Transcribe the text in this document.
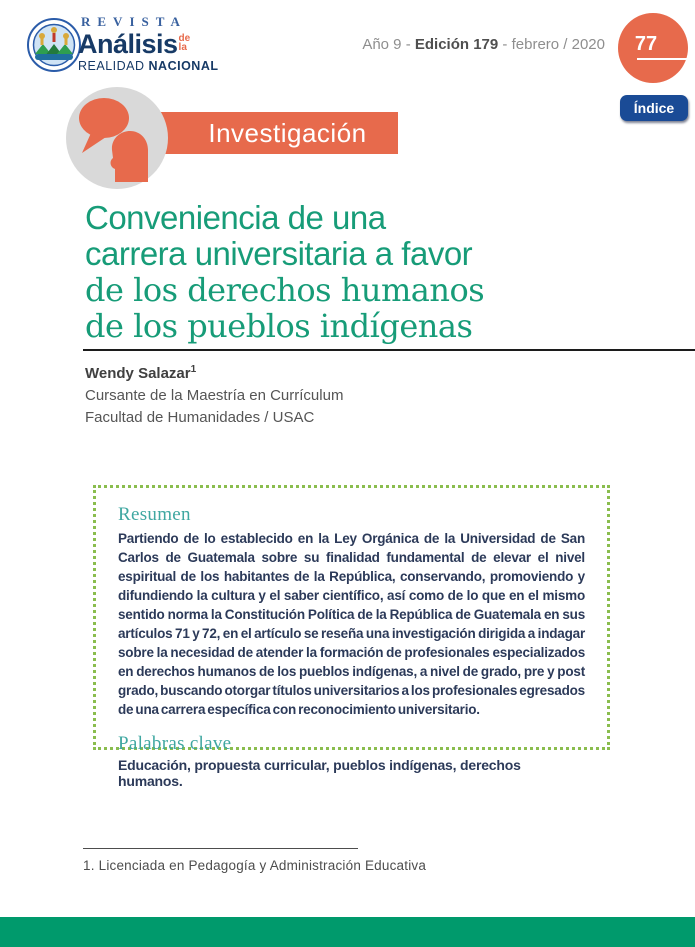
REVISTA
Análisis de
la
REALIDAD NACIONAL
Año 9 - Edición 179 - febrero / 2020	77
Índice
Investigación
Conveniencia de una
carrera universitaria a favor
de los derechos humanos
de los pueblos indígenas
Wendy Salazar$^1$
Cursante de la Maestría en Currículum
Facultad de Humanidades / USAC
Resumen

Partiendo de lo establecido en la Ley Orgánica de la Universidad de San Carlos de Guatemala sobre su finalidad fundamental de elevar el nivel espiritual de los habitantes de la República, conservando, promoviendo y difundiendo la cultura y el saber científico, así como de lo que en el mismo sentido norma la Constitución Política de la República de Guatemala en sus artículos 71 y 72, en el artículo se reseña una investigación dirigida a indagar sobre la necesidad de atender la formación de profesionales especializados en derechos humanos de los pueblos indígenas, a nivel de grado, pre y post grado, buscando otorgar títulos universitarios a los profesionales egresados de una carrera específica con reconocimiento universitario.

Palabras clave

Educación, propuesta curricular, pueblos indígenas, derechos humanos.

1. Licenciada en Pedagogía y Administración Educativa
